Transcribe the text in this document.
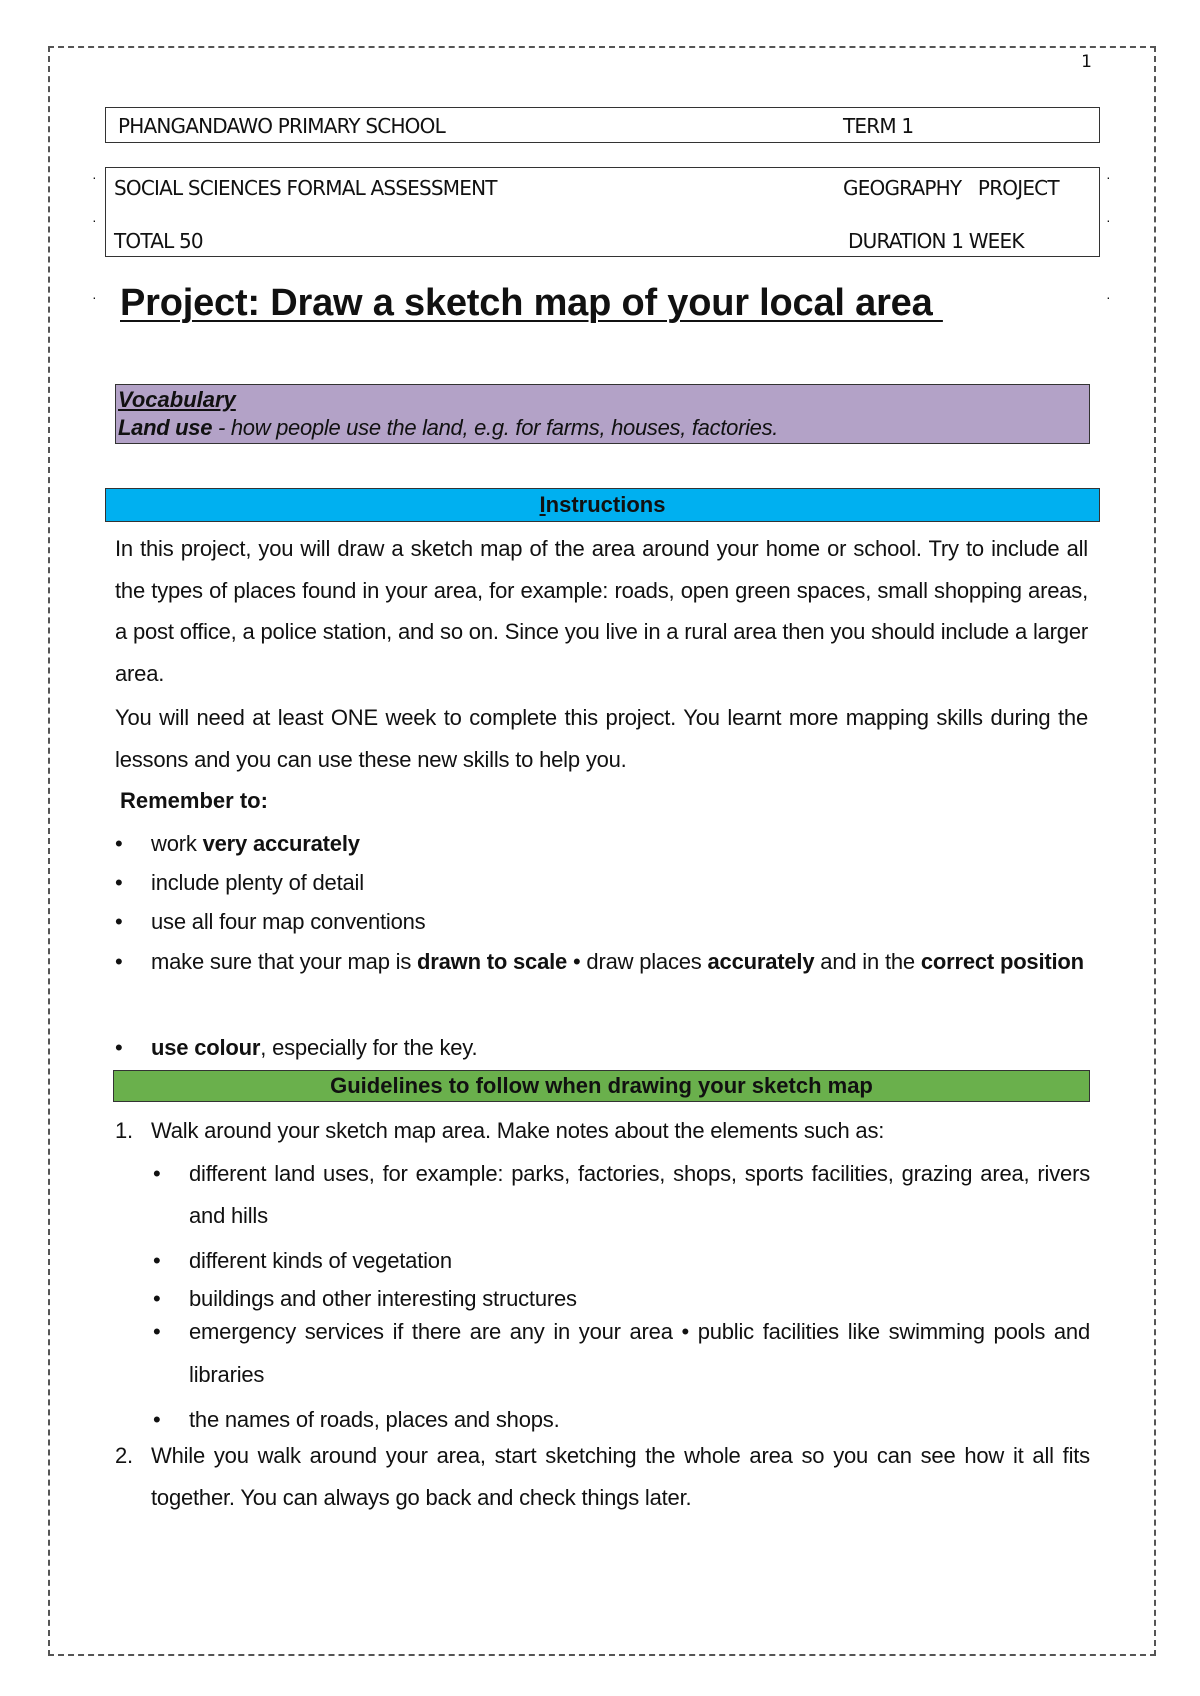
1
·
·
·
·
·
·
PHANGANDAWO PRIMARY SCHOOL	TERM 1
SOCIAL SCIENCES FORMAL ASSESSMENT	GEOGRAPHY   PROJECT
TOTAL 50	DURATION 1 WEEK
Project: Draw a sketch map of your local area
Vocabulary
Land use - how people use the land, e.g. for farms, houses, factories.
Instructions
In this project, you will draw a sketch map of the area around your home or school. Try to include all the types of places found in your area, for example: roads, open green spaces, small shopping areas, a post office, a police station, and so on. Since you live in a rural area then you should include a larger area.
You will need at least ONE week to complete this project. You learnt more mapping skills during the lessons and you can use these new skills to help you.
Remember to:
• work very accurately
• include plenty of detail
• use all four map conventions
• make sure that your map is drawn to scale • draw places accurately and in the correct position
• use colour, especially for the key.
Guidelines to follow when drawing your sketch map
1. Walk around your sketch map area. Make notes about the elements such as:
• different land uses, for example: parks, factories, shops, sports facilities, grazing area, rivers and hills
• different kinds of vegetation
• buildings and other interesting structures
• emergency services if there are any in your area • public facilities like swimming pools and libraries
• the names of roads, places and shops.
2. While you walk around your area, start sketching the whole area so you can see how it all fits together. You can always go back and check things later.
